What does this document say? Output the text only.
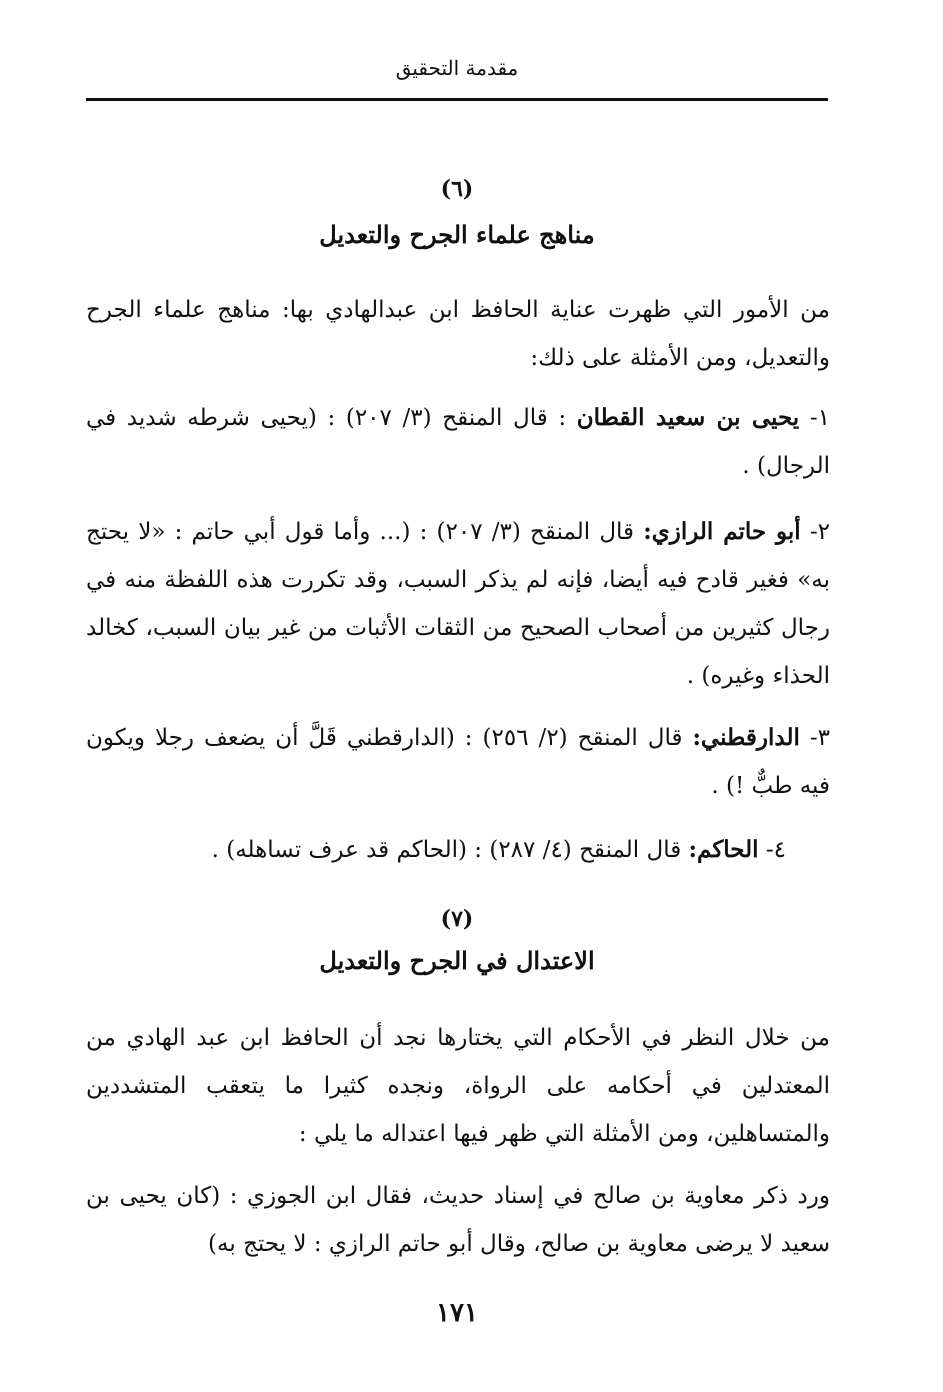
مقدمة التحقيق
(٦)
مناهج علماء الجرح والتعديل

من الأمور التي ظهرت عناية الحافظ ابن عبدالهادي بها: مناهج علماء الجرح والتعديل، ومن الأمثلة على ذلك:

١- يحيى بن سعيد القطان : قال المنقح (٣/ ٢٠٧) : (يحيى شرطه شديد في الرجال) .

٢- أبو حاتم الرازي: قال المنقح (٣/ ٢٠٧) : (... وأما قول أبي حاتم : «لا يحتج به» فغير قادح فيه أيضا، فإنه لم يذكر السبب، وقد تكررت هذه اللفظة منه في رجال كثيرين من أصحاب الصحيح من الثقات الأثبات من غير بيان السبب، كخالد الحذاء وغيره) .

٣- الدارقطني: قال المنقح (٢/ ٢٥٦) : (الدارقطني قَلَّ أن يضعف رجلا ويكون فيه طبٌّ !) .

٤- الحاكم: قال المنقح (٤/ ٢٨٧) : (الحاكم قد عرف تساهله) .

(٧)
الاعتدال في الجرح والتعديل

من خلال النظر في الأحكام التي يختارها نجد أن الحافظ ابن عبد الهادي من المعتدلين في أحكامه على الرواة، ونجده كثيرا ما يتعقب المتشددين والمتساهلين، ومن الأمثلة التي ظهر فيها اعتداله ما يلي :

ورد ذكر معاوية بن صالح في إسناد حديث، فقال ابن الجوزي : (كان يحيى بن سعيد لا يرضى معاوية بن صالح، وقال أبو حاتم الرازي : لا يحتج به)

١٧١
